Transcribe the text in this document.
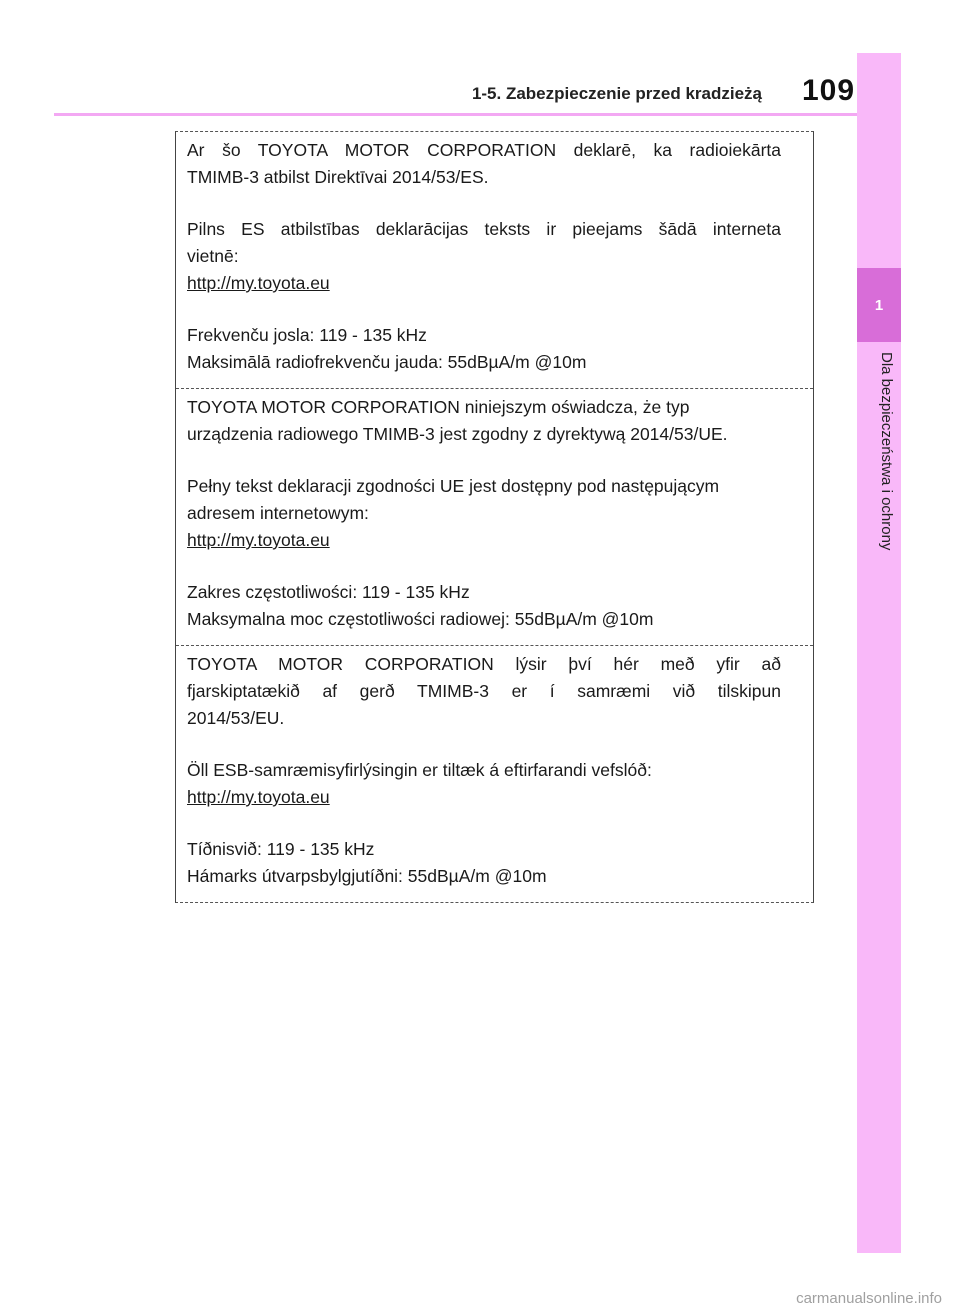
1-5. Zabezpieczenie przed kradzieżą 109
1
Dla bezpieczeństwa i ochrony

Ar šo TOYOTA MOTOR CORPORATION deklarē, ka radioiekārta

TMIMB-3 atbilst Direktīvai 2014/53/ES.

Pilns ES atbilstības deklarācijas teksts ir pieejams šādā interneta

vietnē:

http://my.toyota.eu

Frekvenču josla: 119 - 135 kHz

Maksimālā radiofrekvenču jauda: 55dBµA/m @10m

TOYOTA MOTOR CORPORATION niniejszym oświadcza, że typ

urządzenia radiowego TMIMB-3 jest zgodny z dyrektywą 2014/53/UE.

Pełny tekst deklaracji zgodności UE jest dostępny pod następującym

adresem internetowym:

http://my.toyota.eu

Zakres częstotliwości: 119 - 135 kHz

Maksymalna moc częstotliwości radiowej: 55dBµA/m @10m

TOYOTA MOTOR CORPORATION lýsir því hér með yfir að

fjarskiptatækið af gerð TMIMB-3 er í samræmi við tilskipun

2014/53/EU.

Öll ESB-samræmisyfirlýsingin er tiltæk á eftirfarandi vefslóð:

http://my.toyota.eu

Tíðnisvið: 119 - 135 kHz

Hámarks útvarpsbylgjutíðni: 55dBµA/m @10m

carmanualsonline.info
